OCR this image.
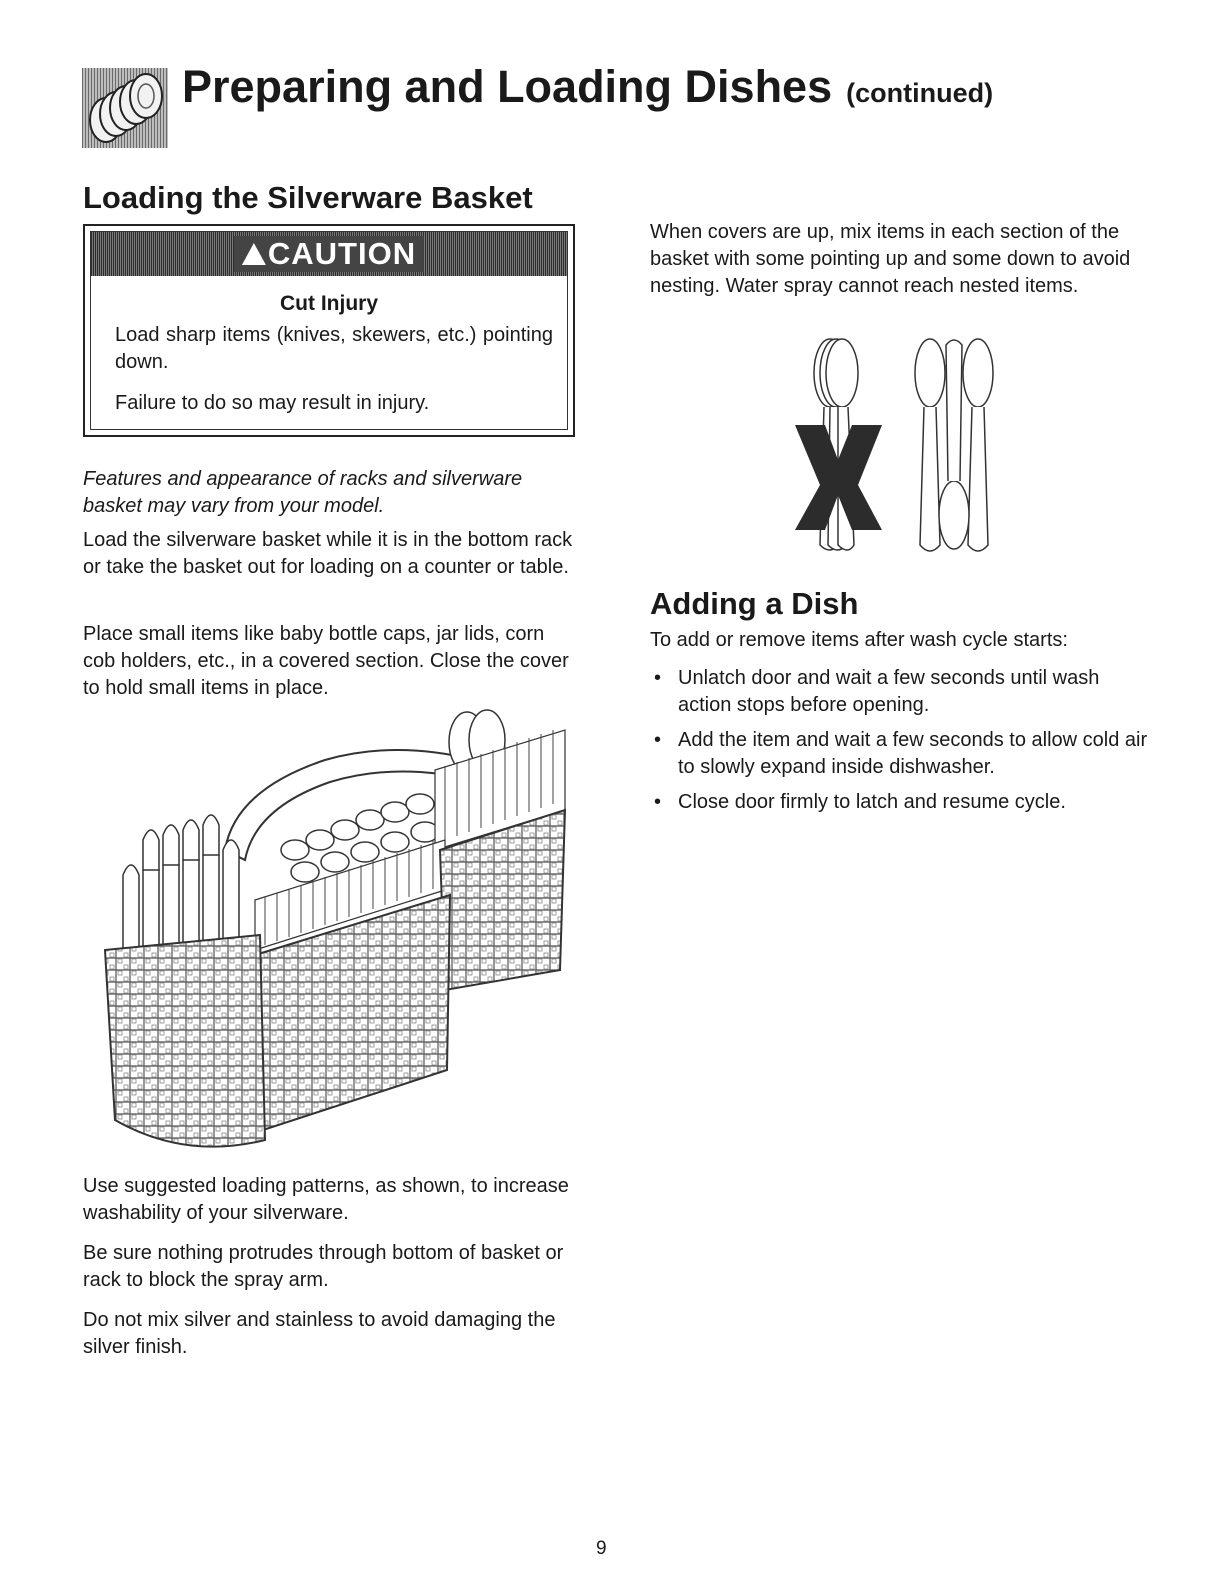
Preparing and Loading Dishes (continued)
Loading the Silverware Basket
CAUTION
Cut Injury

Load sharp items (knives, skewers, etc.) pointing down.

Failure to do so may result in injury.

Features and appearance of racks and silverware basket may vary from your model.

Load the silverware basket while it is in the bottom rack or take the basket out for loading on a counter or table.

Place small items like baby bottle caps, jar lids, corn cob holders, etc., in a covered section. Close the cover to hold small items in place.

Use suggested loading patterns, as shown, to increase washability of your silverware.

Be sure nothing protrudes through bottom of basket or rack to block the spray arm.

Do not mix silver and stainless to avoid damaging the silver finish.

When covers are up, mix items in each section of the basket with some pointing up and some down to avoid nesting. Water spray cannot reach nested items.

Adding a Dish

To add or remove items after wash cycle starts:

• Unlatch door and wait a few seconds until wash action stops before opening.
• Add the item and wait a few seconds to allow cold air to slowly expand inside dishwasher.
• Close door firmly to latch and resume cycle.
9
